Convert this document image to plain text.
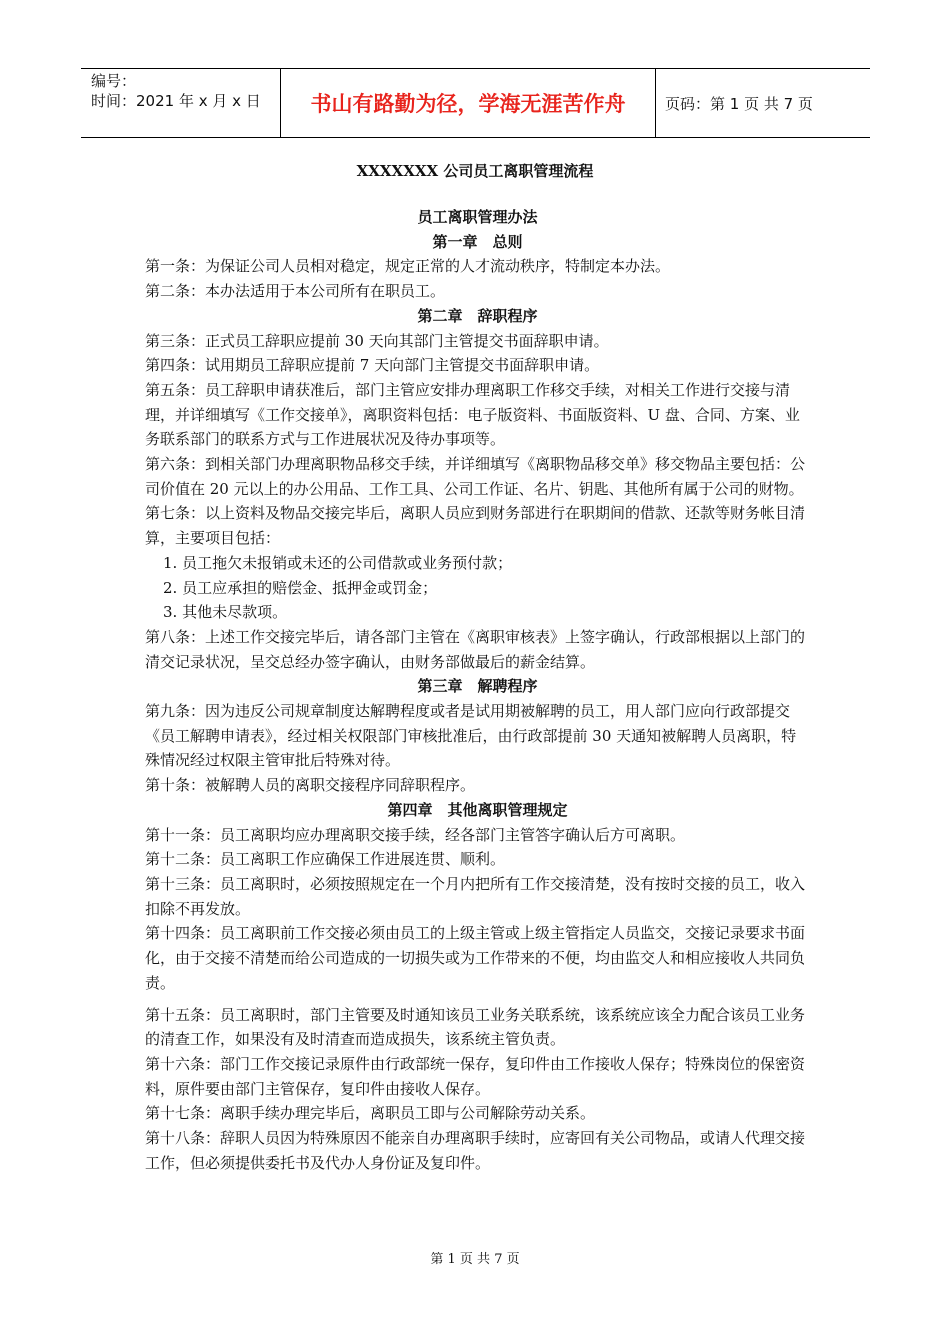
编号：
时间：2021 年 x 月 x 日	书山有路勤为径，学海无涯苦作舟	页码：第 1 页 共 7 页
XXXXXXX 公司员工离职管理流程

员工离职管理办法

第一章　总则

第一条：为保证公司人员相对稳定，规定正常的人才流动秩序，特制定本办法。

第二条：本办法适用于本公司所有在职员工。

第二章　辞职程序

第三条：正式员工辞职应提前 30 天向其部门主管提交书面辞职申请。

第四条：试用期员工辞职应提前 7 天向部门主管提交书面辞职申请。

第五条：员工辞职申请获准后，部门主管应安排办理离职工作移交手续，对相关工作进行交接与清理，并详细填写《工作交接单》，离职资料包括：电子版资料、书面版资料、U 盘、合同、方案、业务联系部门的联系方式与工作进展状况及待办事项等。

第六条：到相关部门办理离职物品移交手续，并详细填写《离职物品移交单》移交物品主要包括：公司价值在 20 元以上的办公用品、工作工具、公司工作证、名片、钥匙、其他所有属于公司的财物。

第七条：以上资料及物品交接完毕后，离职人员应到财务部进行在职期间的借款、还款等财务帐目清算，主要项目包括：

1. 员工拖欠未报销或未还的公司借款或业务预付款；

2. 员工应承担的赔偿金、抵押金或罚金；

3. 其他未尽款项。

第八条：上述工作交接完毕后，请各部门主管在《离职审核表》上签字确认，行政部根据以上部门的清交记录状况，呈交总经办签字确认，由财务部做最后的薪金结算。

第三章　解聘程序

第九条：因为违反公司规章制度达解聘程度或者是试用期被解聘的员工，用人部门应向行政部提交《员工解聘申请表》，经过相关权限部门审核批准后，由行政部提前 30 天通知被解聘人员离职，特殊情况经过权限主管审批后特殊对待。

第十条：被解聘人员的离职交接程序同辞职程序。

第四章　其他离职管理规定

第十一条：员工离职均应办理离职交接手续，经各部门主管答字确认后方可离职。

第十二条：员工离职工作应确保工作进展连贯、顺利。

第十三条：员工离职时，必须按照规定在一个月内把所有工作交接清楚，没有按时交接的员工，收入扣除不再发放。

第十四条：员工离职前工作交接必须由员工的上级主管或上级主管指定人员监交，交接记录要求书面化，由于交接不清楚而给公司造成的一切损失或为工作带来的不便，均由监交人和相应接收人共同负责。

第十五条：员工离职时，部门主管要及时通知该员工业务关联系统，该系统应该全力配合该员工业务的清查工作，如果没有及时清查而造成损失，该系统主管负责。

第十六条：部门工作交接记录原件由行政部统一保存，复印件由工作接收人保存；特殊岗位的保密资料，原件要由部门主管保存，复印件由接收人保存。

第十七条：离职手续办理完毕后，离职员工即与公司解除劳动关系。

第十八条：辞职人员因为特殊原因不能亲自办理离职手续时，应寄回有关公司物品，或请人代理交接工作，但必须提供委托书及代办人身份证及复印件。

第 1 页 共 7 页
